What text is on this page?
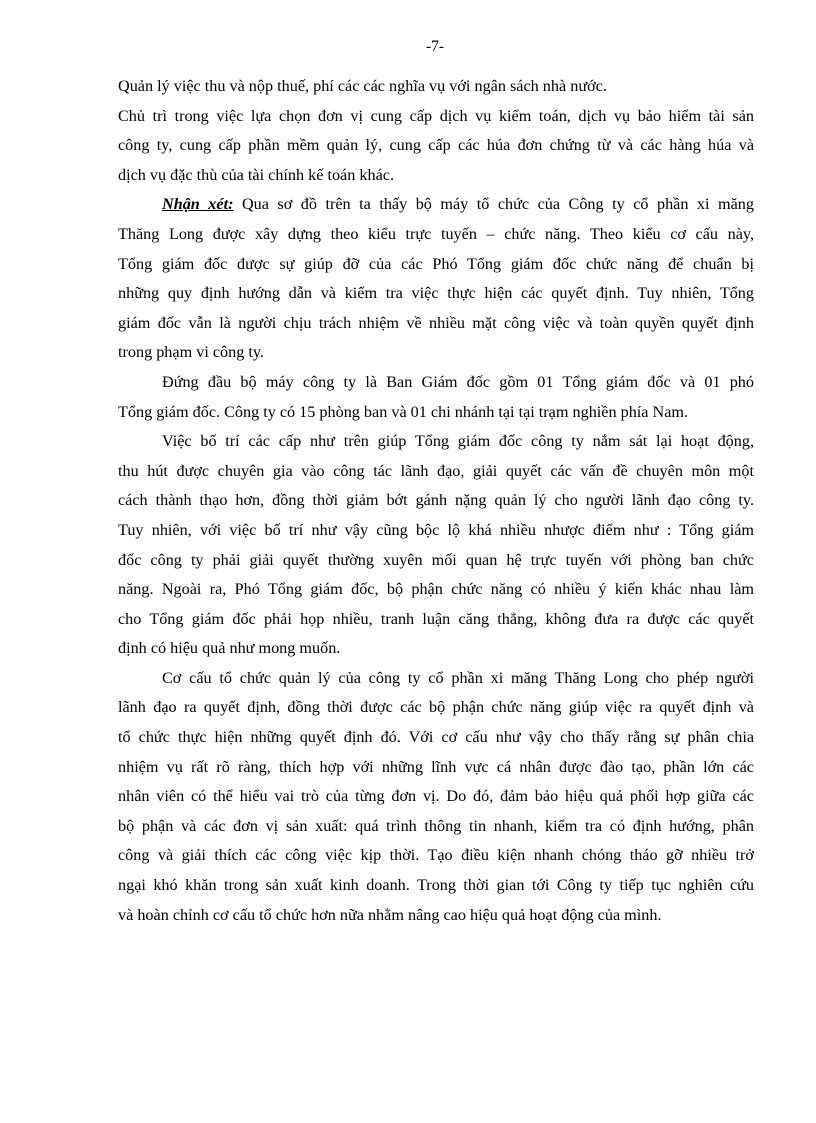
-7-
Quản lý việc thu và nộp thuế, phí các các nghĩa vụ với ngân sách nhà nước.
Chủ trì trong việc lựa chọn đơn vị cung cấp dịch vụ kiểm toán, dịch vụ bảo hiểm tài sản
công ty, cung cấp phần mềm quản lý, cung cấp các húa đơn chứng từ và các hàng húa và
dịch vụ đặc thù của tài chính kế toán khác.
Nhận xét: Qua sơ đồ trên ta thấy bộ máy tổ chức của Công ty cổ phần xi măng
Thăng Long được xây dựng theo kiểu trực tuyến – chức năng. Theo kiểu cơ cấu này,
Tổng giám đốc được sự giúp đỡ của các Phó Tổng giám đốc chức năng để chuẩn bị
những quy định hướng dẫn và kiểm tra việc thực hiện các quyết định. Tuy nhiên, Tổng
giám đốc vẫn là người chịu trách nhiệm về nhiều mặt công việc và toàn quyền quyết định
trong phạm vi công ty.
Đứng đầu bộ máy công ty là Ban Giám đốc gồm 01 Tổng giám đốc và 01 phó
Tổng giám đốc. Công ty có 15 phòng ban và 01 chi nhánh tại tại trạm nghiền phía Nam.
Việc bố trí các cấp như trên giúp Tổng giám đốc công ty nắm sát lại hoạt động,
thu hút được chuyên gia vào công tác lãnh đạo, giải quyết các vấn đề chuyên môn một
cách thành thạo hơn, đồng thời giảm bớt gánh nặng quản lý cho người lãnh đạo công ty.
Tuy nhiên, với việc bố trí như vậy cũng bộc lộ khá nhiều nhược điểm như : Tổng giám
đốc công ty phải giải quyết thường xuyên mối quan hệ trực tuyến với phòng ban chức
năng. Ngoài ra, Phó Tổng giám đốc, bộ phận chức năng có nhiều ý kiến khác nhau làm
cho Tổng giám đốc phải họp nhiều, tranh luận căng thẳng, không đưa ra được các quyết
định có hiệu quả như mong muốn.
Cơ cấu tổ chức quản lý của công ty cổ phần xi măng Thăng Long cho phép người
lãnh đạo ra quyết định, đồng thời được các bộ phận chức năng giúp việc ra quyết định và
tổ chức thực hiện những quyết định đó. Với cơ cấu như vậy cho thấy rằng sự phân chia
nhiệm vụ rất rõ ràng, thích hợp với những lĩnh vực cá nhân được đào tạo, phần lớn các
nhân viên có thể hiểu vai trò của từng đơn vị. Do đó, đảm bảo hiệu quả phối hợp giữa các
bộ phận và các đơn vị sản xuất: quá trình thông tin nhanh, kiểm tra có định hướng, phân
công và giải thích các công việc kịp thời. Tạo điều kiện nhanh chóng tháo gỡ nhiều trở
ngại khó khăn trong sản xuất kinh doanh. Trong thời gian tới Công ty tiếp tục nghiên cứu
và hoàn chỉnh cơ cấu tổ chức hơn nữa nhằm nâng cao hiệu quả hoạt động của mình.
